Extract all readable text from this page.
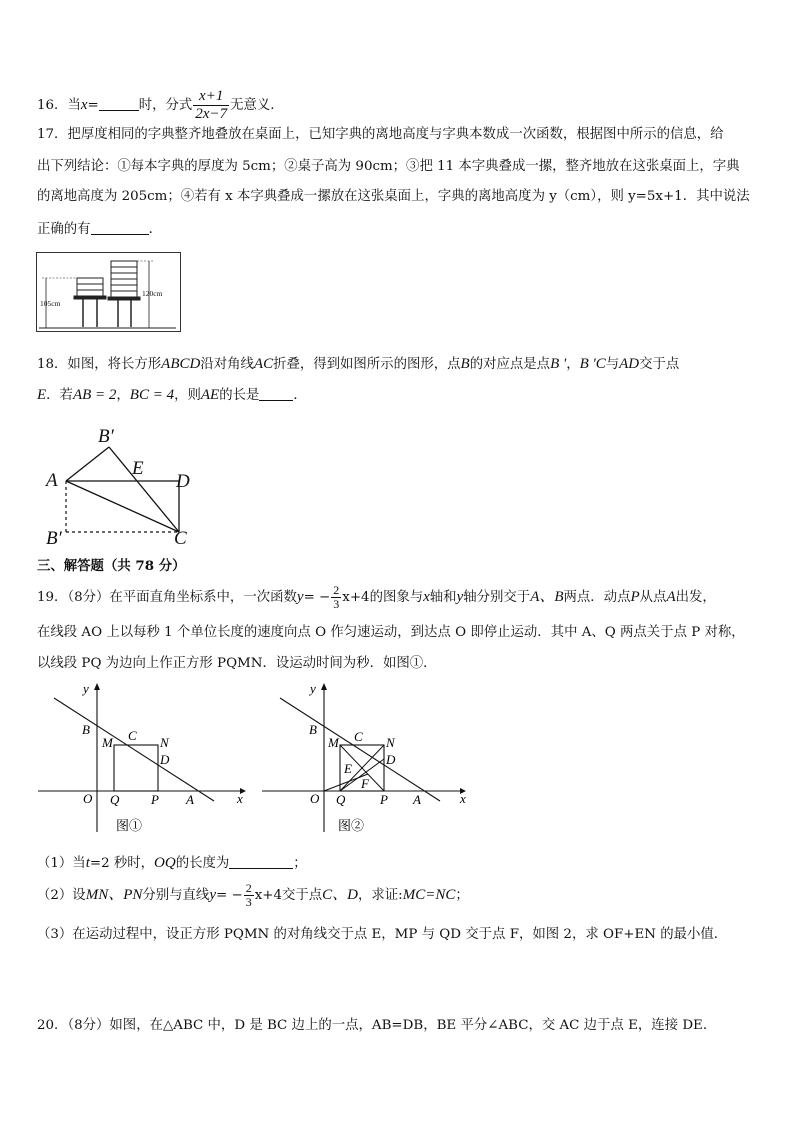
16．当x=	时，分式 $\frac{x+1}{2x-7}$ 无意义.
17．把厚度相同的字典整齐地叠放在桌面上，已知字典的离地高度与字典本数成一次函数，根据图中所示的信息，给
出下列结论：①每本字典的厚度为 5cm；②桌子高为 90cm；③把 11 本字典叠成一摞，整齐地放在这张桌面上，字典
的离地高度为 205cm；④若有 x 本字典叠成一摞放在这张桌面上，字典的离地高度为 y（cm），则 y=5x+1．其中说法
正确的有	．
105cm
120cm
18．如图，将长方形ABCD沿对角线AC折叠，得到如图所示的图形，点B的对应点是点B '，B 'C与AD交于点
E．若AB = 2，BC = 4，则AE的长是	．
A
B′
E
D
B′	C
三、解答题（共 78 分）
19．（8分）在平面直角坐标系中，一次函数$y= - \frac{2}{3} x+4$的图象与x轴和y轴分别交于A、B两点．动点P从点A出发，
在线段 AO 上以每秒 1 个单位长度的速度向点 O 作匀速运动，到达点 O 即停止运动．其中 A、Q 两点关于点 P 对称，
以线段 PQ 为边向上作正方形 PQMN．设运动时间为秒．如图①．
y
x
B
M C N
D
O Q P A
图①
y
x
B
M C N
D
E
F
O Q	P A
图②
（1）当t=2 秒时，OQ的长度为	；
（2）设MN、PN分别与直线$y= - \frac{2}{3} x+4$交于点C、D，求证:MC=NC；
（3）在运动过程中，设正方形 PQMN 的对角线交于点 E，MP 与 QD 交于点 F，如图 2，求 OF+EN 的最小值．
20．（8分）如图，在△ABC 中，D 是 BC 边上的一点，AB=DB，BE 平分∠ABC，交 AC 边于点 E，连接 DE．
